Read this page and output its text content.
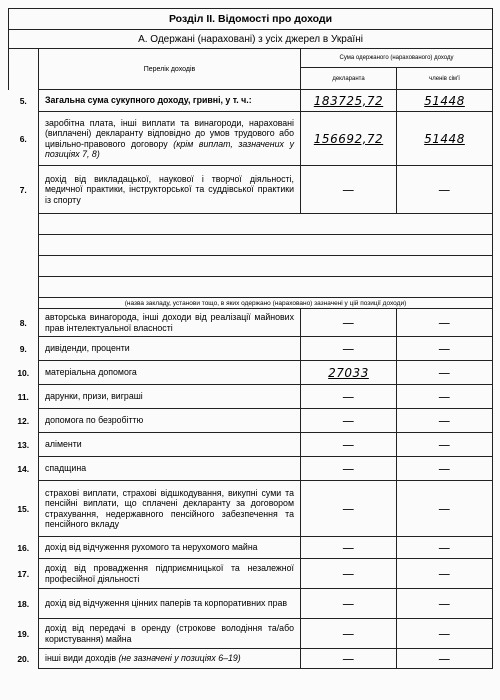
Розділ II. Відомості про доходи			
А. Одержані (нараховані) з усіх джерел в Україні			
	Перелік доходів	Сума одержаного (нарахованого) доходу	
		декларанта	членів сім'ї
5.	Загальна сума сукупного доходу, гривні, у т. ч.:	183725,72	51448
6.	заробітна плата, інші виплати та винагороди, нараховані (виплачені) декларанту відповідно до умов трудового або цивільно-правового договору (крім виплат, зазначених у позиціях 7, 8)	156692,72	51448
7.	дохід від викладацької, наукової і творчої діяльності, медичної практики, інструкторської та суддівської практики із спорту	—	—

	(назва закладу, установи тощо, в яких одержано (нараховано) зазначені у цій позиції доходи)		
8.	авторська винагорода, інші доходи від реалізації майнових прав інтелектуальної власності	—	—
9.	дивіденди, проценти	—	—
10.	матеріальна допомога	27033	—
11.	дарунки, призи, виграші	—	—
12.	допомога по безробіттю	—	—
13.	аліменти	—	—
14.	спадщина	—	—
15.	страхові виплати, страхові відшкодування, викупні суми та пенсійні виплати, що сплачені декларанту за договором страхування, недержавного пенсійного забезпечення та пенсійного вкладу	—	—
16.	дохід від відчуження рухомого та нерухомого майна	—	—
17.	дохід від провадження підприємницької та незалежної професійної діяльності	—	—
18.	дохід від відчуження цінних паперів та корпоративних прав	—	—
19.	дохід від передачі в оренду (строкове володіння та/або користування) майна	—	—
20.	інші види доходів (не зазначені у позиціях 6–19)	—	—
